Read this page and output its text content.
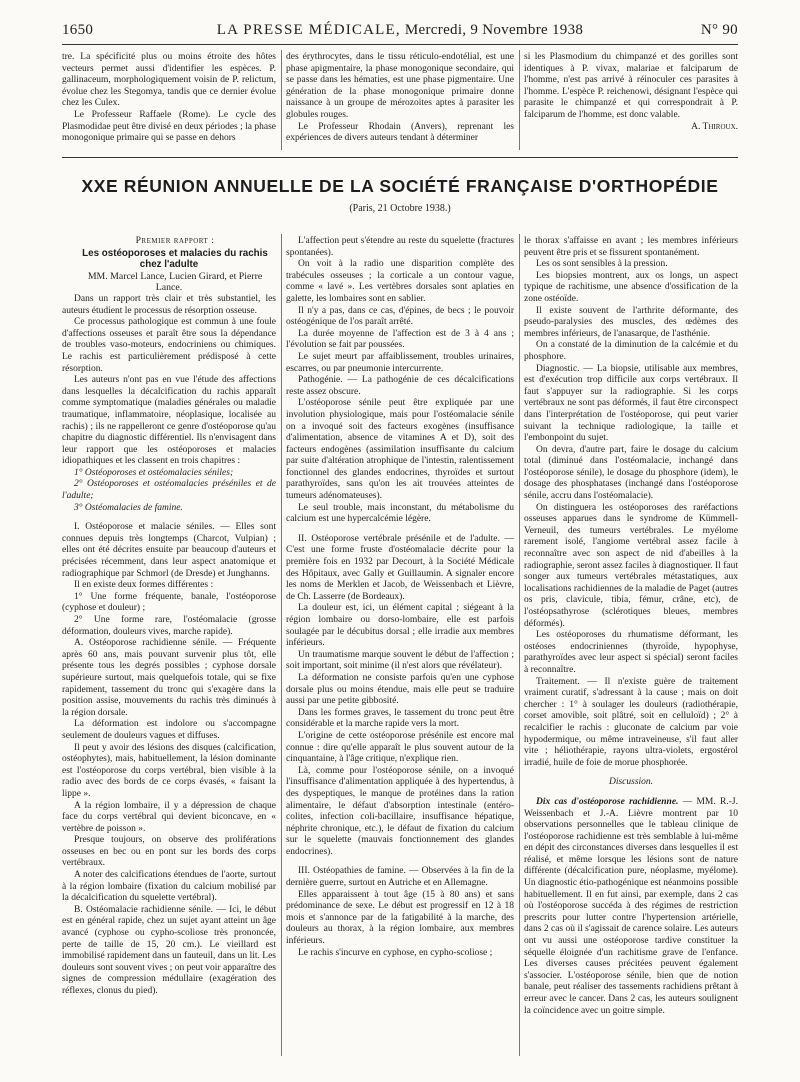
1650	LA PRESSE MÉDICALE, Mercredi, 9 Novembre 1938	N° 90

tre. La spécificité plus ou moins étroite des hôtes vecteurs permet aussi d'identifier les espèces. P. gallinaceum, morphologiquement voisin de P. relictum, évolue chez les Stegomya, tandis que ce dernier évolue chez les Culex.

Le Professeur Raffaele (Rome). Le cycle des Plasmodidae peut être divisé en deux périodes ; la phase monogonique primaire qui se passe en dehors

des érythrocytes, dans le tissu réticulo-endotélial, est une phase apigmentaire, la phase monogonique secondaire, qui se passe dans les hématies, est une phase pigmentaire. Une génération de la phase monogonique primaire donne naissance à un groupe de mérozoites aptes à parasiter les globules rouges.

Le Professeur Rhodain (Anvers), reprenant les expériences de divers auteurs tendant à déterminer

si les Plasmodium du chimpanzé et des gorilles sont identiques à P. vivax, malariae et falciparum de l'homme, n'est pas arrivé à réinoculer ces parasites à l'homme. L'espèce P. reichenowi, désignant l'espèce qui parasite le chimpanzé et qui correspondrait à P. falciparum de l'homme, est donc valable.

A. Thiroux.

XXE RÉUNION ANNUELLE DE LA SOCIÉTÉ FRANÇAISE D'ORTHOPÉDIE
(Paris, 21 Octobre 1938.)

Premier rapport :

Les ostéoporoses et malacies du rachis chez l'adulte

MM. Marcel Lance, Lucien Girard, et Pierre Lance.

Dans un rapport très clair et très substantiel, les auteurs étudient le processus de résorption osseuse.

Ce processus pathologique est commun à une foule d'affections osseuses et paraît être sous la dépendance de troubles vaso-moteurs, endocriniens ou chimiques. Le rachis est particulièrement prédisposé à cette résorption.

Les auteurs n'ont pas en vue l'étude des affections dans lesquelles la décalcification du rachis apparaît comme symptomatique (maladies générales ou maladie traumatique, inflammatoire, néoplasique, localisée au rachis) ; ils ne rappelleront ce genre d'ostéoporose qu'au chapitre du diagnostic différentiel. Ils n'envisagent dans leur rapport que les ostéoporoses et malacies idiopathiques et les classent en trois chapitres :

1° Ostéoporoses et ostéomalacies séniles;

2° Ostéoporoses et ostéomalacies préséniles et de l'adulte;

3° Ostéomalacies de famine.

I. Ostéoporose et malacie séniles. — Elles sont connues depuis très longtemps (Charcot, Vulpian) ; elles ont été décrites ensuite par beaucoup d'auteurs et précisées récemment, dans leur aspect anatomique et radiographique par Schmorl (de Dresde) et Junghanns.

Il en existe deux formes différentes :

1° Une forme fréquente, banale, l'ostéoporose (cyphose et douleur) ;

2° Une forme rare, l'ostéomalacie (grosse déformation, douleurs vives, marche rapide).

A. Ostéoporose rachidienne sénile. — Fréquente après 60 ans, mais pouvant survenir plus tôt, elle présente tous les degrés possibles ; cyphose dorsale supérieure surtout, mais quelquefois totale, qui se fixe rapidement, tassement du tronc qui s'exagère dans la position assise, mouvements du rachis très diminués à la région dorsale.

La déformation est indolore ou s'accompagne seulement de douleurs vagues et diffuses.

Il peut y avoir des lésions des disques (calcification, ostéophytes), mais, habituellement, la lésion dominante est l'ostéoporose du corps vertébral, bien visible à la radio avec des bords de ce corps évasés, « faisant la lippe ».

A la région lombaire, il y a dépression de chaque face du corps vertébral qui devient biconcave, en « vertèbre de poisson ».

Presque toujours, on observe des proliférations osseuses en bec ou en pont sur les bords des corps vertébraux.

A noter des calcifications étendues de l'aorte, surtout à la région lombaire (fixation du calcium mobilisé par la décalcification du squelette vertébral).

B. Ostéomalacie rachidienne sénile. — Ici, le début est en général rapide, chez un sujet ayant atteint un âge avancé (cyphose ou cypho-scoliose très prononcée, perte de taille de 15, 20 cm.). Le vieillard est immobilisé rapidement dans un fauteuil, dans un lit. Les douleurs sont souvent vives ; on peut voir apparaître des signes de compression médullaire (exagération des réflexes, clonus du pied).

L'affection peut s'étendre au reste du squelette (fractures spontanées).

On voit à la radio une disparition complète des trabécules osseuses ; la corticale a un contour vague, comme « lavé ». Les vertèbres dorsales sont aplaties en galette, les lombaires sont en sablier.

Il n'y a pas, dans ce cas, d'épines, de becs ; le pouvoir ostéogénique de l'os paraît arrêté.

La durée moyenne de l'affection est de 3 à 4 ans ; l'évolution se fait par poussées.

Le sujet meurt par affaiblissement, troubles urinaires, escarres, ou par pneumonie intercurrente.

Pathogénie. — La pathogénie de ces décalcifications reste assez obscure.

L'ostéoporose sénile peut être expliquée par une involution physiologique, mais pour l'ostéomalacie sénile on a invoqué soit des facteurs exogènes (insuffisance d'alimentation, absence de vitamines A et D), soit des facteurs endogènes (assimilation insuffisante du calcium par suite d'altération atrophique de l'intestin, ralentissement fonctionnel des glandes endocrines, thyroïdes et surtout parathyroïdes, sans qu'on les ait trouvées atteintes de tumeurs adénomateuses).

Le seul trouble, mais inconstant, du métabolisme du calcium est une hypercalcémie légère.

II. Ostéoporose vertébrale présénile et de l'adulte. — C'est une forme fruste d'ostéomalacie décrite pour la première fois en 1932 par Decourt, à la Société Médicale des Hôpitaux, avec Gally et Guillaumin. A signaler encore les noms de Merklen et Jacob, de Weissenbach et Lièvre, de Ch. Lasserre (de Bordeaux).

La douleur est, ici, un élément capital ; siégeant à la région lombaire ou dorso-lombaire, elle est parfois soulagée par le décubitus dorsal ; elle irradie aux membres inférieurs.

Un traumatisme marque souvent le début de l'affection ; soit important, soit minime (il n'est alors que révélateur).

La déformation ne consiste parfois qu'en une cyphose dorsale plus ou moins étendue, mais elle peut se traduire aussi par une petite gibbosité.

Dans les formes graves, le tassement du tronc peut être considérable et la marche rapide vers la mort.

L'origine de cette ostéoporose présénile est encore mal connue : dire qu'elle apparaît le plus souvent autour de la cinquantaine, à l'âge critique, n'explique rien.

Là, comme pour l'ostéoporose sénile, on a invoqué l'insuffisance d'alimentation appliquée à des hypertendus, à des dyspeptiques, le manque de protéines dans la ration alimentaire, le défaut d'absorption intestinale (entéro-colites, infection coli-bacillaire, insuffisance hépatique, néphrite chronique, etc.), le défaut de fixation du calcium sur le squelette (mauvais fonctionnement des glandes endocrines).

III. Ostéopathies de famine. — Observées à la fin de la dernière guerre, surtout en Autriche et en Allemagne.

Elles apparaissent à tout âge (15 à 80 ans) et sans prédominance de sexe. Le début est progressif en 12 à 18 mois et s'annonce par de la fatigabilité à la marche, des douleurs au thorax, à la région lombaire, aux membres inférieurs.

Le rachis s'incurve en cyphose, en cypho-scoliose ;

le thorax s'affaisse en avant ; les membres inférieurs peuvent être pris et se fissurent spontanément.

Les os sont sensibles à la pression.

Les biopsies montrent, aux os longs, un aspect typique de rachitisme, une absence d'ossification de la zone ostéoïde.

Il existe souvent de l'arthrite déformante, des pseudo-paralysies des muscles, des œdèmes des membres inférieurs, de l'anasarque, de l'asthénie.

On a constaté de la diminution de la calcémie et du phosphore.

Diagnostic. — La biopsie, utilisable aux membres, est d'exécution trop difficile aux corps vertébraux. Il faut s'appuyer sur la radiographie. Si les corps vertébraux ne sont pas déformés, il faut être circonspect dans l'interprétation de l'ostéoporose, qui peut varier suivant la technique radiologique, la taille et l'embonpoint du sujet.

On devra, d'autre part, faire le dosage du calcium total (diminué dans l'ostéomalacie, inchangé dans l'ostéoporose sénile), le dosage du phosphore (idem), le dosage des phosphatases (inchangé dans l'ostéoporose sénile, accru dans l'ostéomalacie).

On distinguera les ostéoporoses des raréfactions osseuses apparues dans le syndrome de Kümmell-Verneuil, des tumeurs vertébrales. Le myélome rarement isolé, l'angiome vertébral assez facile à reconnaître avec son aspect de nid d'abeilles à la radiographie, seront assez faciles à diagnostiquer. Il faut songer aux tumeurs vertébrales métastatiques, aux localisations rachidiennes de la maladie de Paget (autres os pris, clavicule, tibia, fémur, crâne, etc), de l'ostéopsathyrose (sclérotiques bleues, membres déformés).

Les ostéoporoses du rhumatisme déformant, les ostéoses endocriniennes (thyroïde, hypophyse, parathyroïdes avec leur aspect si spécial) seront faciles à reconnaître.

Traitement. — Il n'existe guère de traitement vraiment curatif, s'adressant à la cause ; mais on doit chercher : 1° à soulager les douleurs (radiothérapie, corset amovible, soit plâtré, soit en celluloïd) ; 2° à recalcifier le rachis : gluconate de calcium par voie hypodermique, ou même intraveineuse, s'il faut aller vite ; héliothérapie, rayons ultra-violets, ergostérol irradié, huile de foie de morue phosphorée.

Discussion.

Dix cas d'ostéoporose rachidienne. — MM. R.-J. Weissenbach et J.-A. Lièvre montrent par 10 observations personnelles que le tableau clinique de l'ostéoporose rachidienne est très semblable à lui-même en dépit des circonstances diverses dans lesquelles il est réalisé, et même lorsque les lésions sont de nature différente (décalcification pure, néoplasme, myélome). Un diagnostic étio-pathogénique est néanmoins possible habituellement. Il en fut ainsi, par exemple, dans 2 cas où l'ostéoporose succéda à des régimes de restriction prescrits pour lutter contre l'hypertension artérielle, dans 2 cas où il s'agissait de carence solaire. Les auteurs ont vu aussi une ostéoporose tardive constituer la séquelle éloignée d'un rachitisme grave de l'enfance. Les diverses causes précitées peuvent également s'associer. L'ostéoporose sénile, bien que de notion banale, peut réaliser des tassements rachidiens prêtant à erreur avec le cancer. Dans 2 cas, les auteurs soulignent la coïncidence avec un goitre simple.
